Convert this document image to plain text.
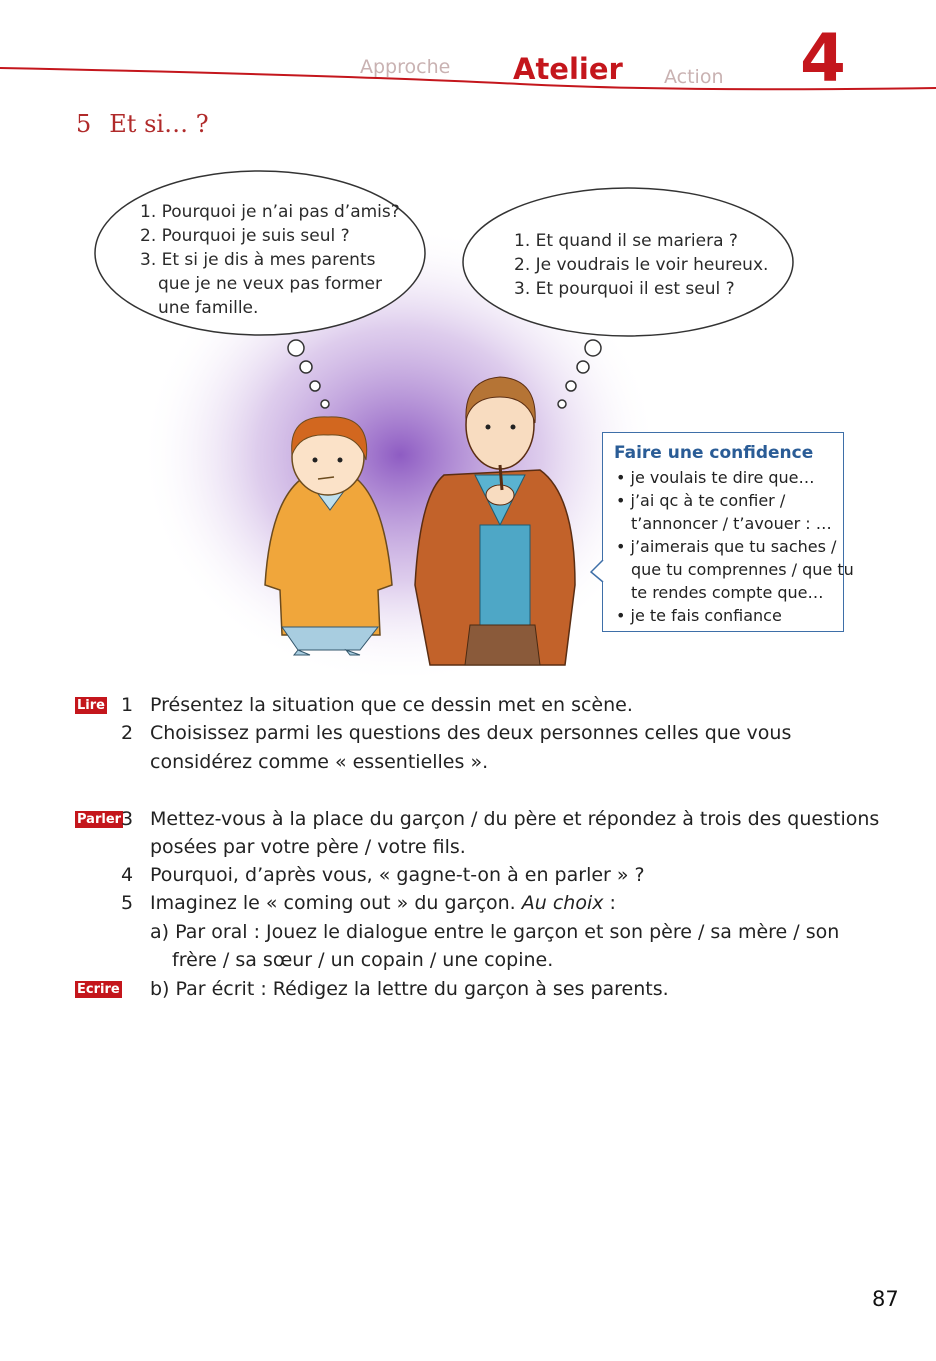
Approche Atelier Action 4
5 Et si… ?
1. Pourquoi je n’ai pas d’amis?
2. Pourquoi je suis seul ?
3. Et si je dis à mes parents
que je ne veux pas former
une famille.
1. Et quand il se mariera ?
2. Je voudrais le voir heureux.
3. Et pourquoi il est seul ?
Faire une confidence
• je voulais te dire que…
• j’ai qc à te confier /
t’annoncer / t’avouer : …
• j’aimerais que tu saches /
que tu comprennes / que tu
te rendes compte que…
• je te fais confiance
Lire
Parler
Ecrire
1 Présentez la situation que ce dessin met en scène.
2 Choisissez parmi les questions des deux personnes celles que vous
considérez comme « essentielles ».
3 Mettez-vous à la place du garçon / du père et répondez à trois des questions
posées par votre père / votre fils.
4 Pourquoi, d’après vous, « gagne-t-on à en parler » ?
5 Imaginez le « coming out » du garçon. Au choix :
a) Par oral : Jouez le dialogue entre le garçon et son père / sa mère / son
frère / sa sœur / un copain / une copine.
b) Par écrit : Rédigez la lettre du garçon à ses parents.
87
